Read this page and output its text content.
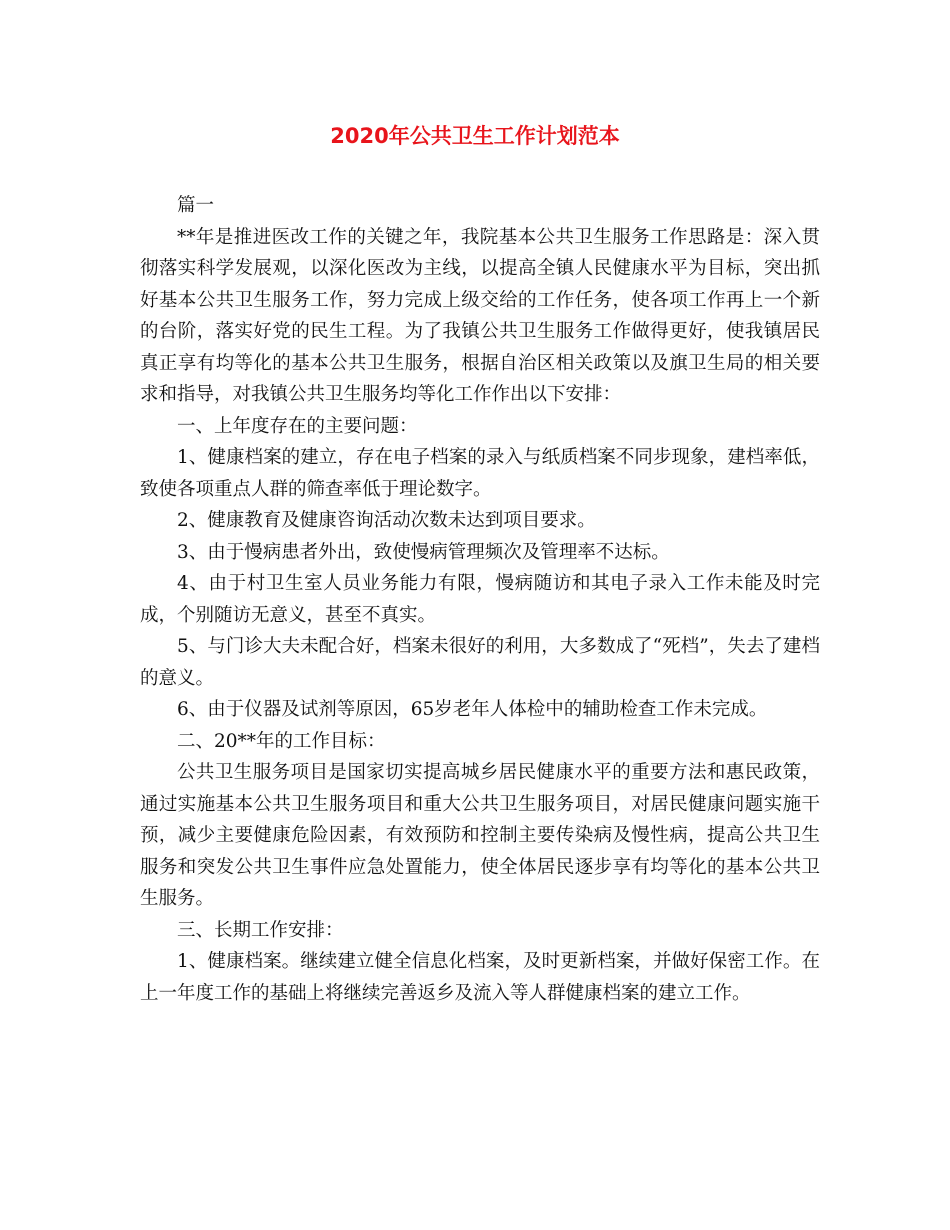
2020年公共卫生工作计划范本

篇一

**年是推进医改工作的关键之年，我院基本公共卫生服务工作思路是：深入贯彻落实科学发展观，以深化医改为主线，以提高全镇人民健康水平为目标，突出抓好基本公共卫生服务工作，努力完成上级交给的工作任务，使各项工作再上一个新的台阶，落实好党的民生工程。为了我镇公共卫生服务工作做得更好，使我镇居民真正享有均等化的基本公共卫生服务，根据自治区相关政策以及旗卫生局的相关要求和指导，对我镇公共卫生服务均等化工作作出以下安排：

一、上年度存在的主要问题：

1、健康档案的建立，存在电子档案的录入与纸质档案不同步现象，建档率低，致使各项重点人群的筛查率低于理论数字。

2、健康教育及健康咨询活动次数未达到项目要求。

3、由于慢病患者外出，致使慢病管理频次及管理率不达标。

4、由于村卫生室人员业务能力有限，慢病随访和其电子录入工作未能及时完成，个别随访无意义，甚至不真实。

5、与门诊大夫未配合好，档案未很好的利用，大多数成了“死档”，失去了建档的意义。

6、由于仪器及试剂等原因，65岁老年人体检中的辅助检查工作未完成。

二、20**年的工作目标：

公共卫生服务项目是国家切实提高城乡居民健康水平的重要方法和惠民政策，通过实施基本公共卫生服务项目和重大公共卫生服务项目，对居民健康问题实施干预，减少主要健康危险因素，有效预防和控制主要传染病及慢性病，提高公共卫生服务和突发公共卫生事件应急处置能力，使全体居民逐步享有均等化的基本公共卫生服务。

三、长期工作安排：

1、健康档案。继续建立健全信息化档案，及时更新档案，并做好保密工作。在上一年度工作的基础上将继续完善返乡及流入等人群健康档案的建立工作。
